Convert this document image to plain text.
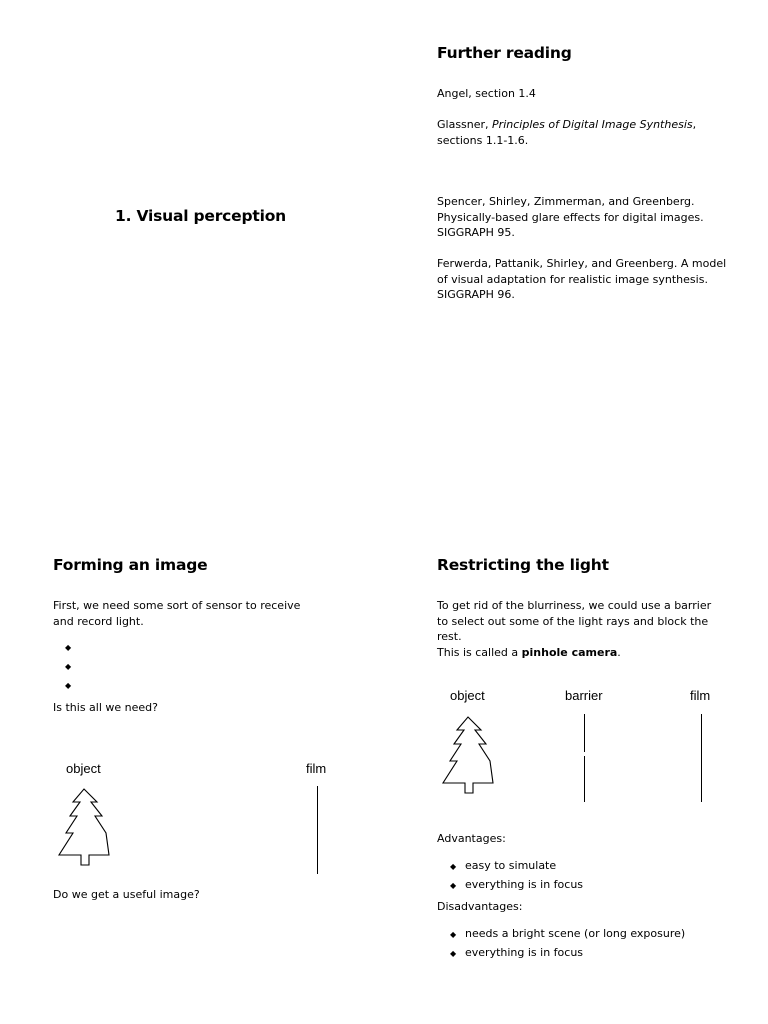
1. Visual perception
Further reading
Angel, section 1.4
Glassner, Principles of Digital Image Synthesis, sections 1.1-1.6.
Spencer, Shirley, Zimmerman, and Greenberg. Physically-based glare effects for digital images. SIGGRAPH 95.
Ferwerda, Pattanik, Shirley, and Greenberg. A model of visual adaptation for realistic image synthesis. SIGGRAPH 96.
Forming an image
First, we need some sort of sensor to receive and record light.
◆
◆
◆
Is this all we need?
object	film
Do we get a useful image?
Restricting the light
To get rid of the blurriness, we could use a barrier to select out some of the light rays and block the rest.
This is called a pinhole camera.
object	barrier	film
Advantages:
◆ easy to simulate
◆ everything is in focus
Disadvantages:
◆ needs a bright scene (or long exposure)
◆ everything is in focus
